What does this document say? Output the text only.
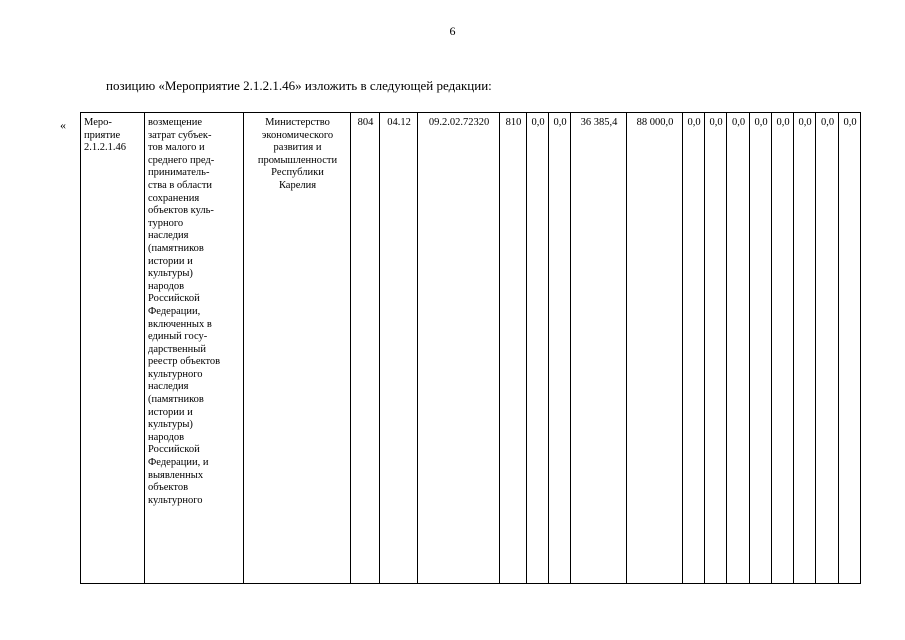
6
позицию «Мероприятие 2.1.2.1.46» изложить в следующей редакции:
« Меро-
приятие
2.1.2.1.46	возмещение
затрат субъек-
тов малого и
среднего пред-
приниматель-
ства в области
сохранения
объектов куль-
турного
наследия
(памятников
истории и
культуры)
народов
Российской
Федерации,
включенных в
единый госу-
дарственный
реестр объектов
культурного
наследия
(памятников
истории и
культуры)
народов
Российской
Федерации, и
выявленных
объектов
культурного	Министерство
экономического
развития и
промышленности
Республики
Карелия	804	04.12	09.2.02.72320	810	0,0	0,0	36 385,4	88 000,0	0,0	0,0	0,0	0,0	0,0	0,0	0,0	0,0
